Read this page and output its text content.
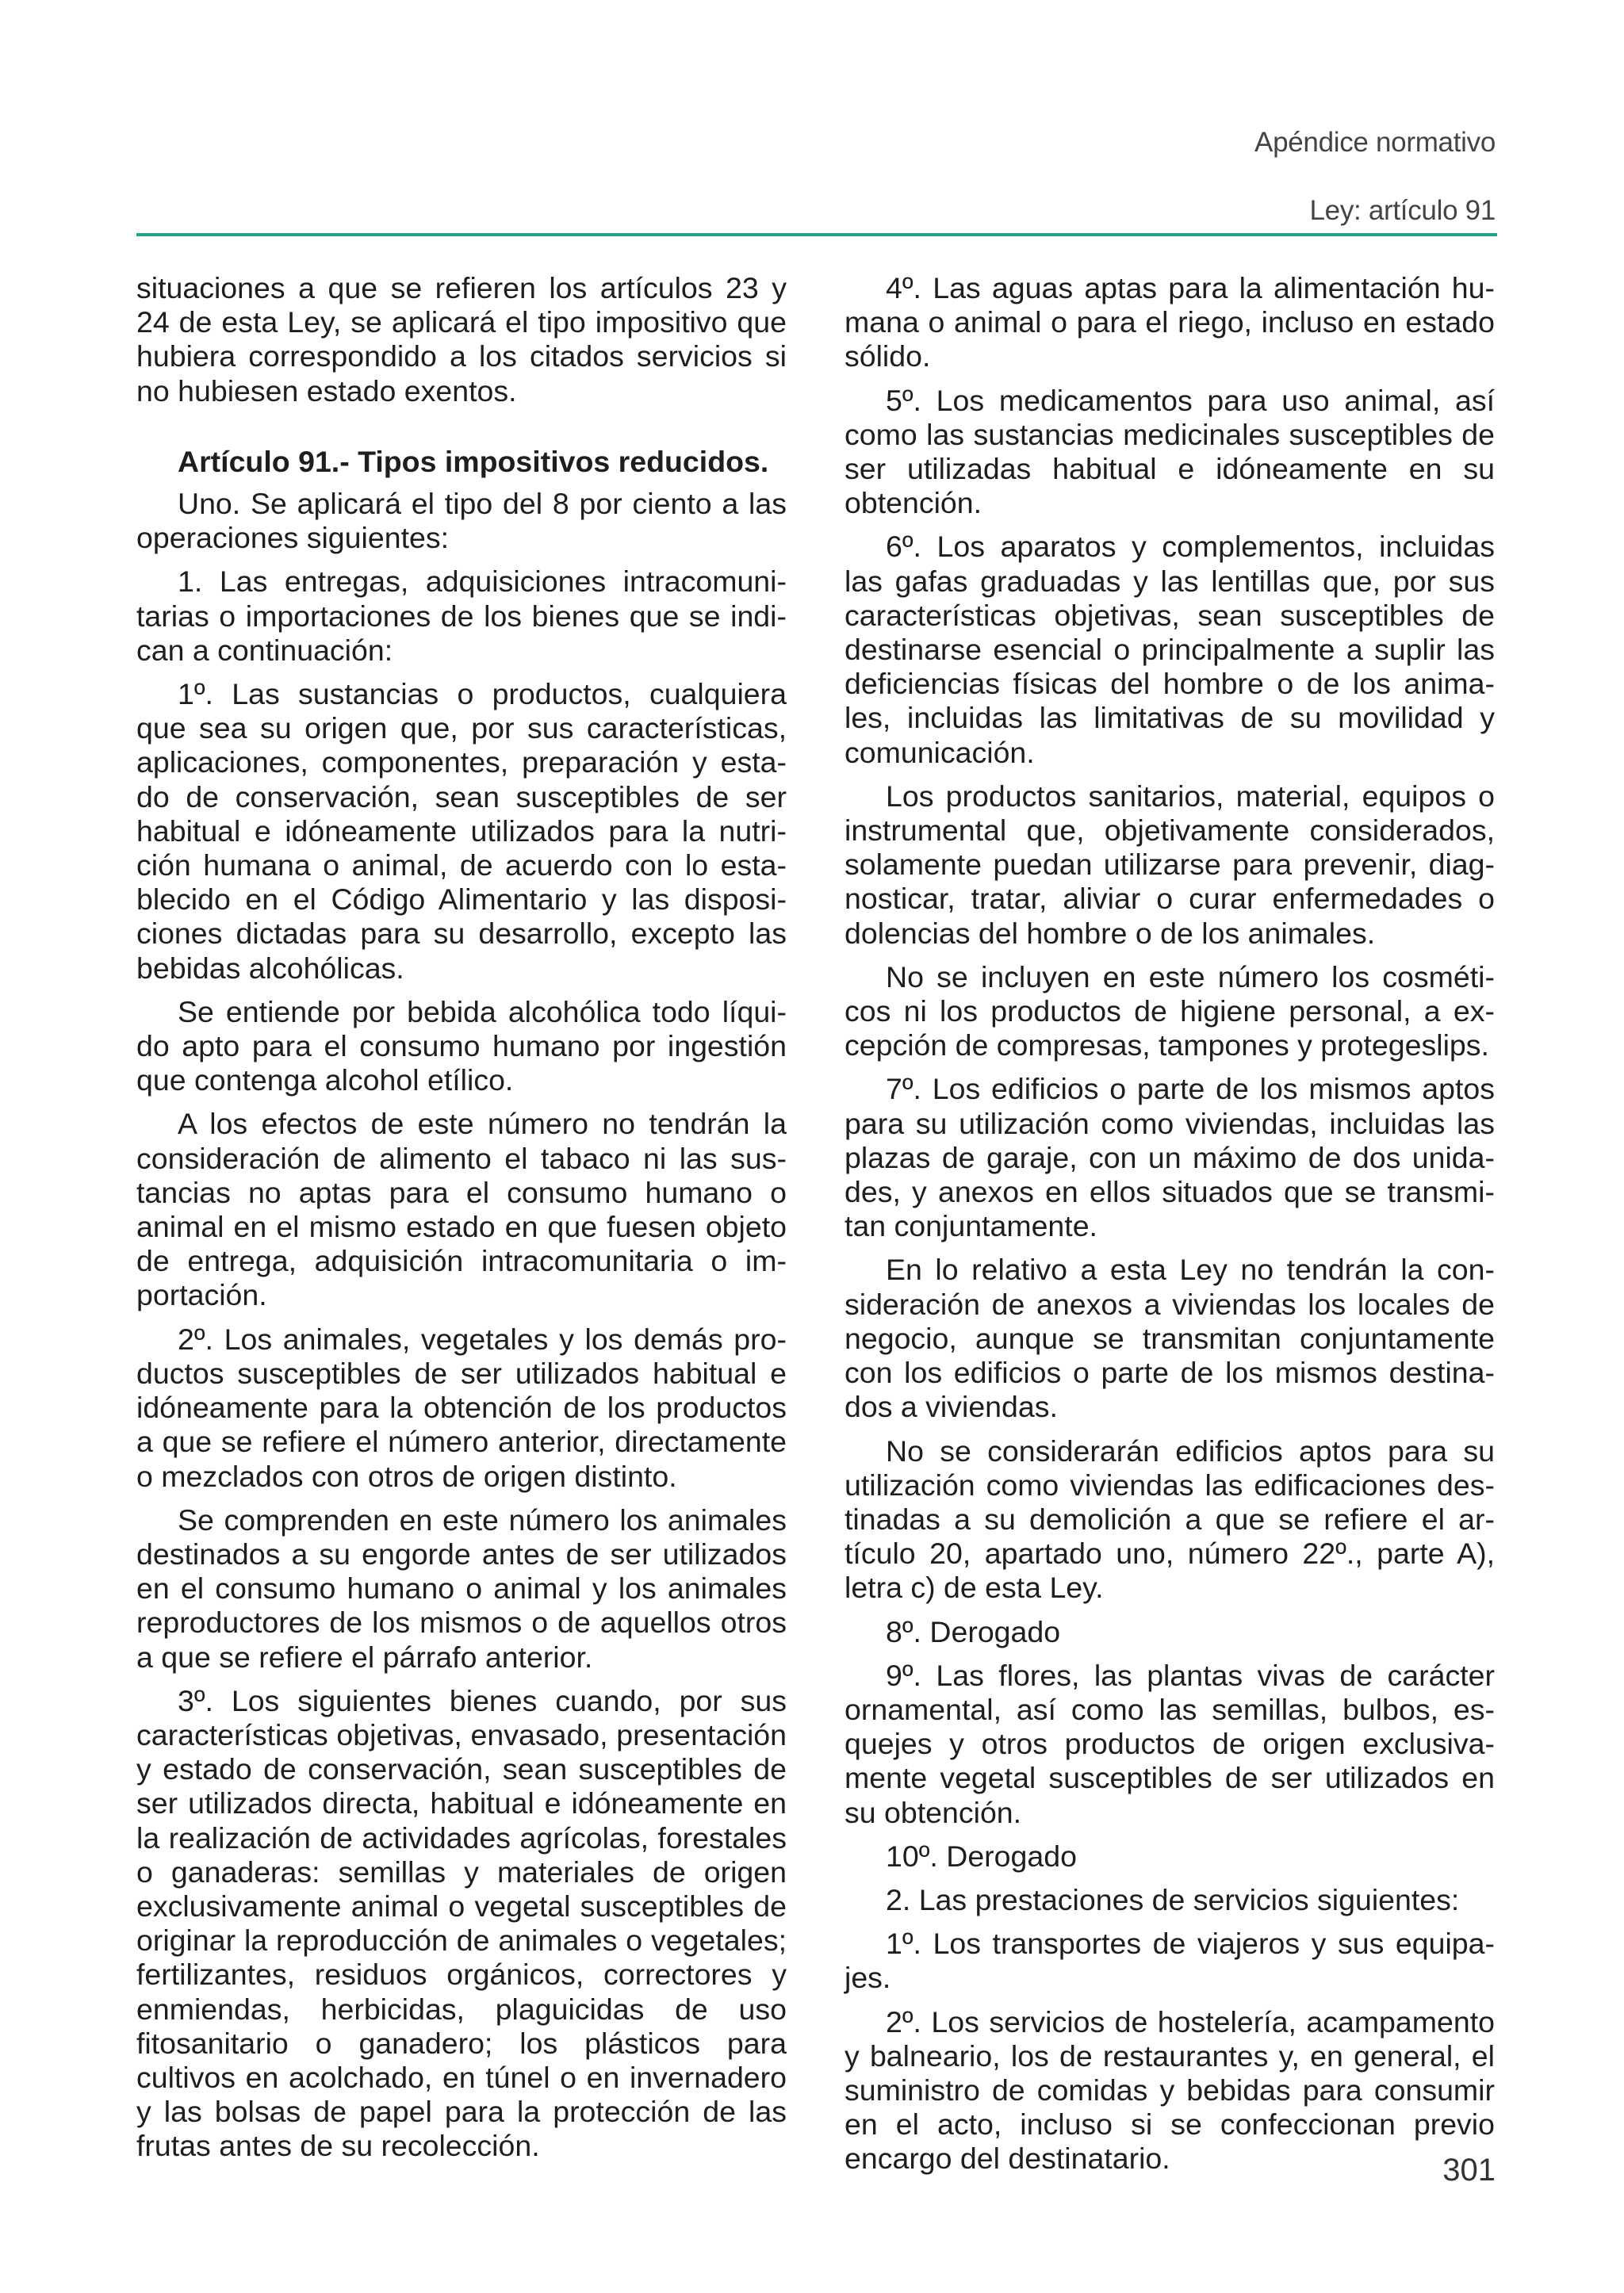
Apéndice normativo
Ley: artículo 91

situaciones a que se refieren los artículos 23 y 24 de esta Ley, se aplicará el tipo impositivo que hubiera correspondido a los citados servicios si no hubiesen estado exentos.

Artículo 91.- Tipos impositivos reducidos.

Uno. Se aplicará el tipo del 8 por ciento a las operaciones siguientes:

1. Las entregas, adquisiciones intracomunitarias o importaciones de los bienes que se indican a continuación:

1º. Las sustancias o productos, cualquiera que sea su origen que, por sus características, aplicaciones, componentes, preparación y estado de conservación, sean susceptibles de ser habitual e idóneamente utilizados para la nutrición humana o animal, de acuerdo con lo establecido en el Código Alimentario y las disposiciones dictadas para su desarrollo, excepto las bebidas alcohólicas.

Se entiende por bebida alcohólica todo líquido apto para el consumo humano por ingestión que contenga alcohol etílico.

A los efectos de este número no tendrán la consideración de alimento el tabaco ni las sustancias no aptas para el consumo humano o animal en el mismo estado en que fuesen objeto de entrega, adquisición intracomunitaria o importación.

2º. Los animales, vegetales y los demás productos susceptibles de ser utilizados habitual e idóneamente para la obtención de los productos a que se refiere el número anterior, directamente o mezclados con otros de origen distinto.

Se comprenden en este número los animales destinados a su engorde antes de ser utilizados en el consumo humano o animal y los animales reproductores de los mismos o de aquellos otros a que se refiere el párrafo anterior.

3º. Los siguientes bienes cuando, por sus características objetivas, envasado, presentación y estado de conservación, sean susceptibles de ser utilizados directa, habitual e idóneamente en la realización de actividades agrícolas, forestales o ganaderas: semillas y materiales de origen exclusivamente animal o vegetal susceptibles de originar la reproducción de animales o vegetales; fertilizantes, residuos orgánicos, correctores y enmiendas, herbicidas, plaguicidas de uso fitosanitario o ganadero; los plásticos para cultivos en acolchado, en túnel o en invernadero y las bolsas de papel para la protección de las frutas antes de su recolección.

4º. Las aguas aptas para la alimentación humana o animal o para el riego, incluso en estado sólido.

5º. Los medicamentos para uso animal, así como las sustancias medicinales susceptibles de ser utilizadas habitual e idóneamente en su obtención.

6º. Los aparatos y complementos, incluidas las gafas graduadas y las lentillas que, por sus características objetivas, sean susceptibles de destinarse esencial o principalmente a suplir las deficiencias físicas del hombre o de los animales, incluidas las limitativas de su movilidad y comunicación.

Los productos sanitarios, material, equipos o instrumental que, objetivamente considerados, solamente puedan utilizarse para prevenir, diagnosticar, tratar, aliviar o curar enfermedades o dolencias del hombre o de los animales.

No se incluyen en este número los cosméticos ni los productos de higiene personal, a excepción de compresas, tampones y protegeslips.

7º. Los edificios o parte de los mismos aptos para su utilización como viviendas, incluidas las plazas de garaje, con un máximo de dos unidades, y anexos en ellos situados que se transmitan conjuntamente.

En lo relativo a esta Ley no tendrán la consideración de anexos a viviendas los locales de negocio, aunque se transmitan conjuntamente con los edificios o parte de los mismos destinados a viviendas.

No se considerarán edificios aptos para su utilización como viviendas las edificaciones destinadas a su demolición a que se refiere el artículo 20, apartado uno, número 22º., parte A), letra c) de esta Ley.

8º. Derogado

9º. Las flores, las plantas vivas de carácter ornamental, así como las semillas, bulbos, esquejes y otros productos de origen exclusivamente vegetal susceptibles de ser utilizados en su obtención.

10º. Derogado

2. Las prestaciones de servicios siguientes:

1º. Los transportes de viajeros y sus equipajes.

2º. Los servicios de hostelería, acampamento y balneario, los de restaurantes y, en general, el suministro de comidas y bebidas para consumir en el acto, incluso si se confeccionan previo encargo del destinatario.	301
